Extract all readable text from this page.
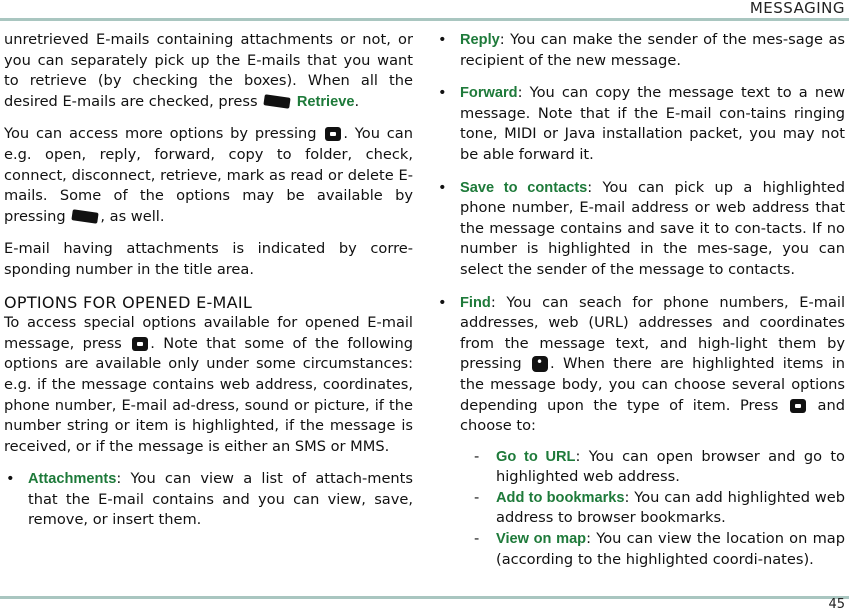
MESSAGING

unretrieved E-mails containing attachments or not, or you can separately pick up the E-mails that you want to retrieve (by checking the boxes). When all the desired E-mails are checked, press  Retrieve.

You can access more options by pressing . You can e.g. open, reply, forward, copy to folder, check, connect, disconnect, retrieve, mark as read or delete E-mails. Some of the options may be available by pressing , as well.

E-mail having attachments is indicated by corre-sponding number in the title area.

OPTIONS FOR OPENED E-MAIL

To access special options available for opened E-mail message, press . Note that some of the following options are available only under some circumstances: e.g. if the message contains web address, coordinates, phone number, E-mail ad-dress, sound or picture, if the number string or item is highlighted, if the message is received, or if the message is either an SMS or MMS.

• Attachments: You can view a list of attach-ments that the E-mail contains and you can view, save, remove, or insert them.
• Reply: You can make the sender of the mes-sage as recipient of the new message.
• Forward: You can copy the message text to a new message. Note that if the E-mail con-tains ringing tone, MIDI or Java installation packet, you may not be able forward it.
• Save to contacts: You can pick up a highlighted phone number, E-mail address or web address that the message contains and save it to con-tacts. If no number is highlighted in the mes-sage, you can select the sender of the message to contacts.
• Find: You can seach for phone numbers, E-mail addresses, web (URL) addresses and coordinates from the message text, and high-light them by pressing •. When there are highlighted items in the message body, you can choose several options depending upon the type of item. Press  and choose to:
- Go to URL: You can open browser and go to highlighted web address.
- Add to bookmarks: You can add highlighted web address to browser bookmarks.
- View on map: You can view the location on map (according to the highlighted coordi-nates).
45
